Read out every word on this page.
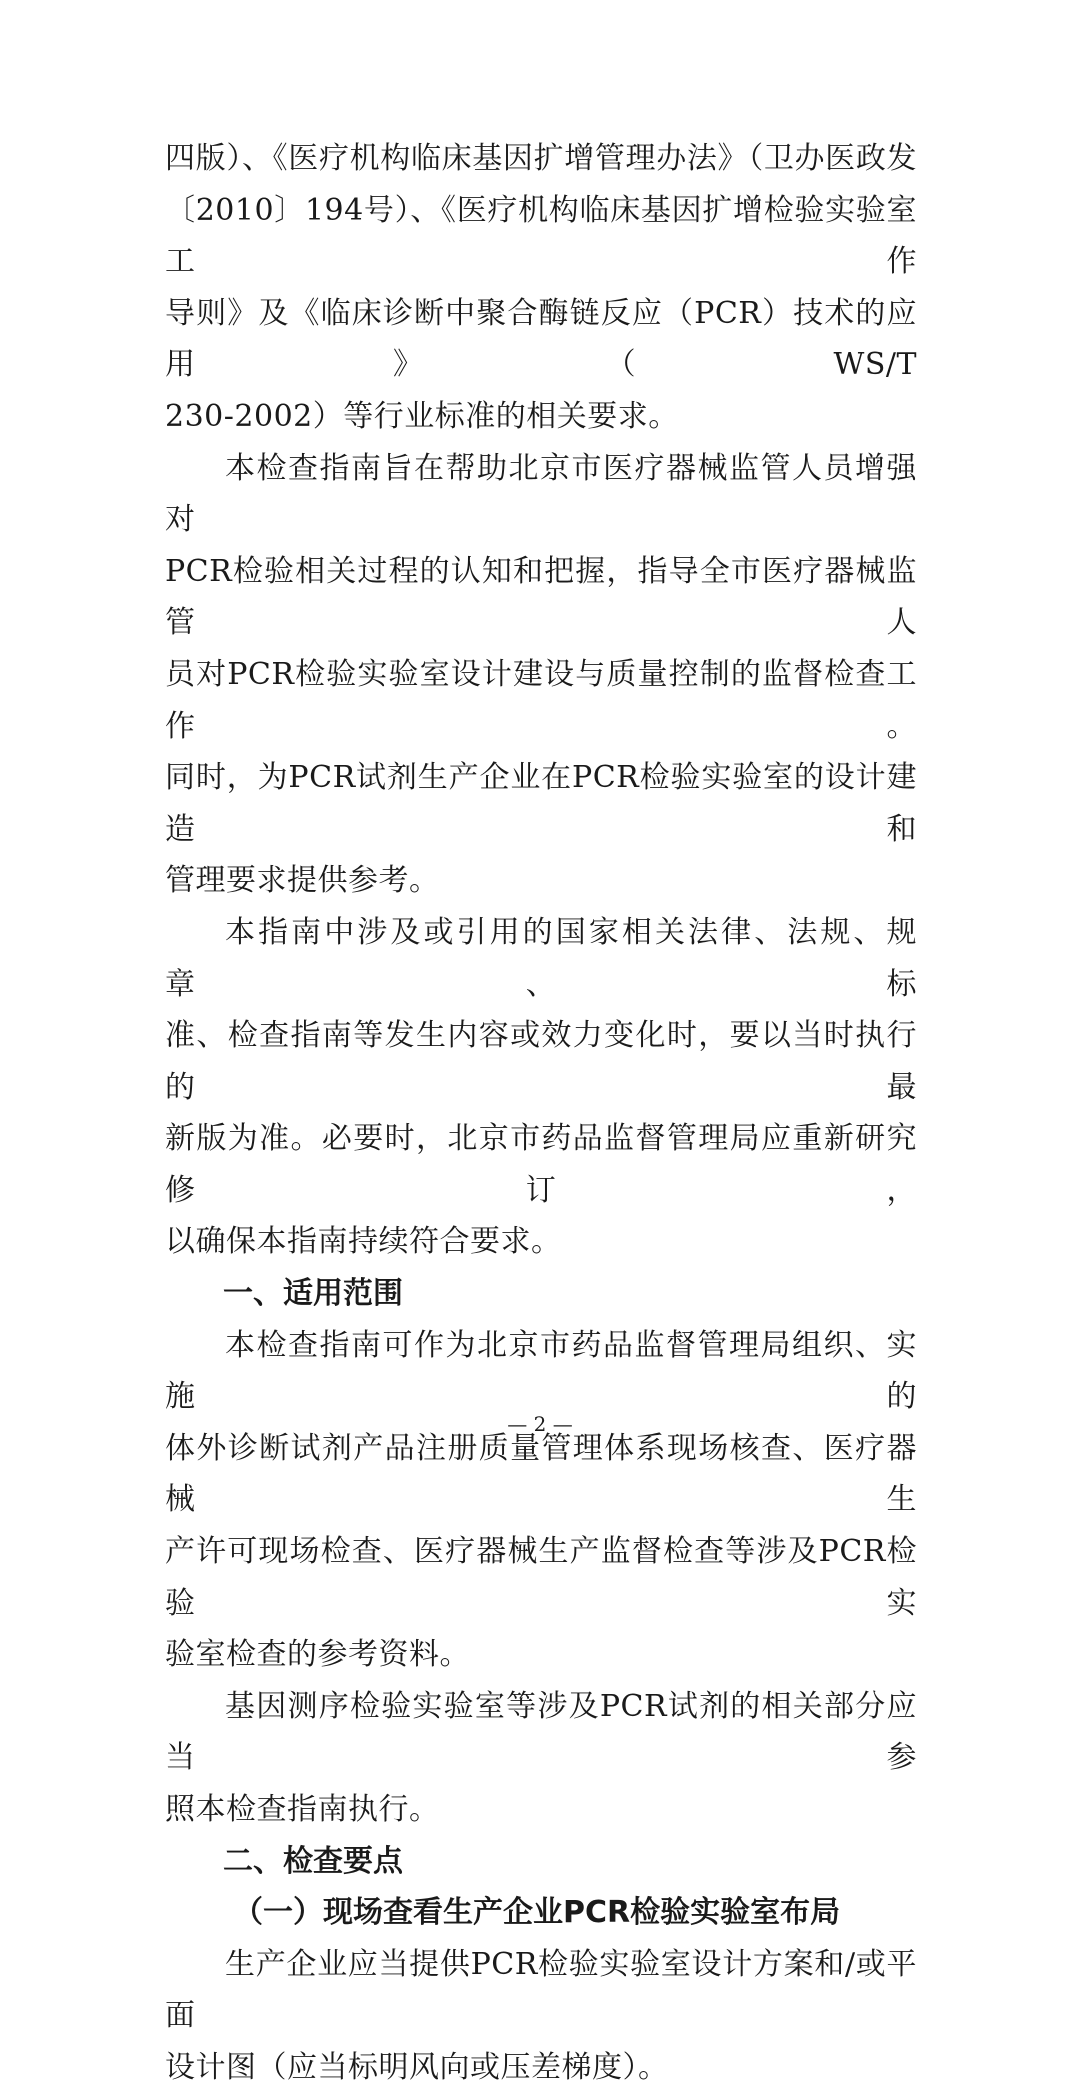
四版）、《医疗机构临床基因扩增管理办法》（卫办医政发

〔2010〕194号）、《医疗机构临床基因扩增检验实验室工作

导则》及《临床诊断中聚合酶链反应（PCR）技术的应用》（WS/T

230-2002）等行业标准的相关要求。

本检查指南旨在帮助北京市医疗器械监管人员增强对

PCR检验相关过程的认知和把握，指导全市医疗器械监管人

员对PCR检验实验室设计建设与质量控制的监督检查工作。

同时，为PCR试剂生产企业在PCR检验实验室的设计建造和

管理要求提供参考。

本指南中涉及或引用的国家相关法律、法规、规章、标

准、检查指南等发生内容或效力变化时，要以当时执行的最

新版为准。必要时，北京市药品监督管理局应重新研究修订，

以确保本指南持续符合要求。

一、适用范围

本检查指南可作为北京市药品监督管理局组织、实施的

体外诊断试剂产品注册质量管理体系现场核查、医疗器械生

产许可现场检查、医疗器械生产监督检查等涉及PCR检验实

验室检查的参考资料。

基因测序检验实验室等涉及PCR试剂的相关部分应当参

照本检查指南执行。

二、检查要点
（一）现场查看生产企业PCR检验实验室布局

生产企业应当提供PCR检验实验室设计方案和/或平面

设计图（应当标明风向或压差梯度）。

— 2 —
